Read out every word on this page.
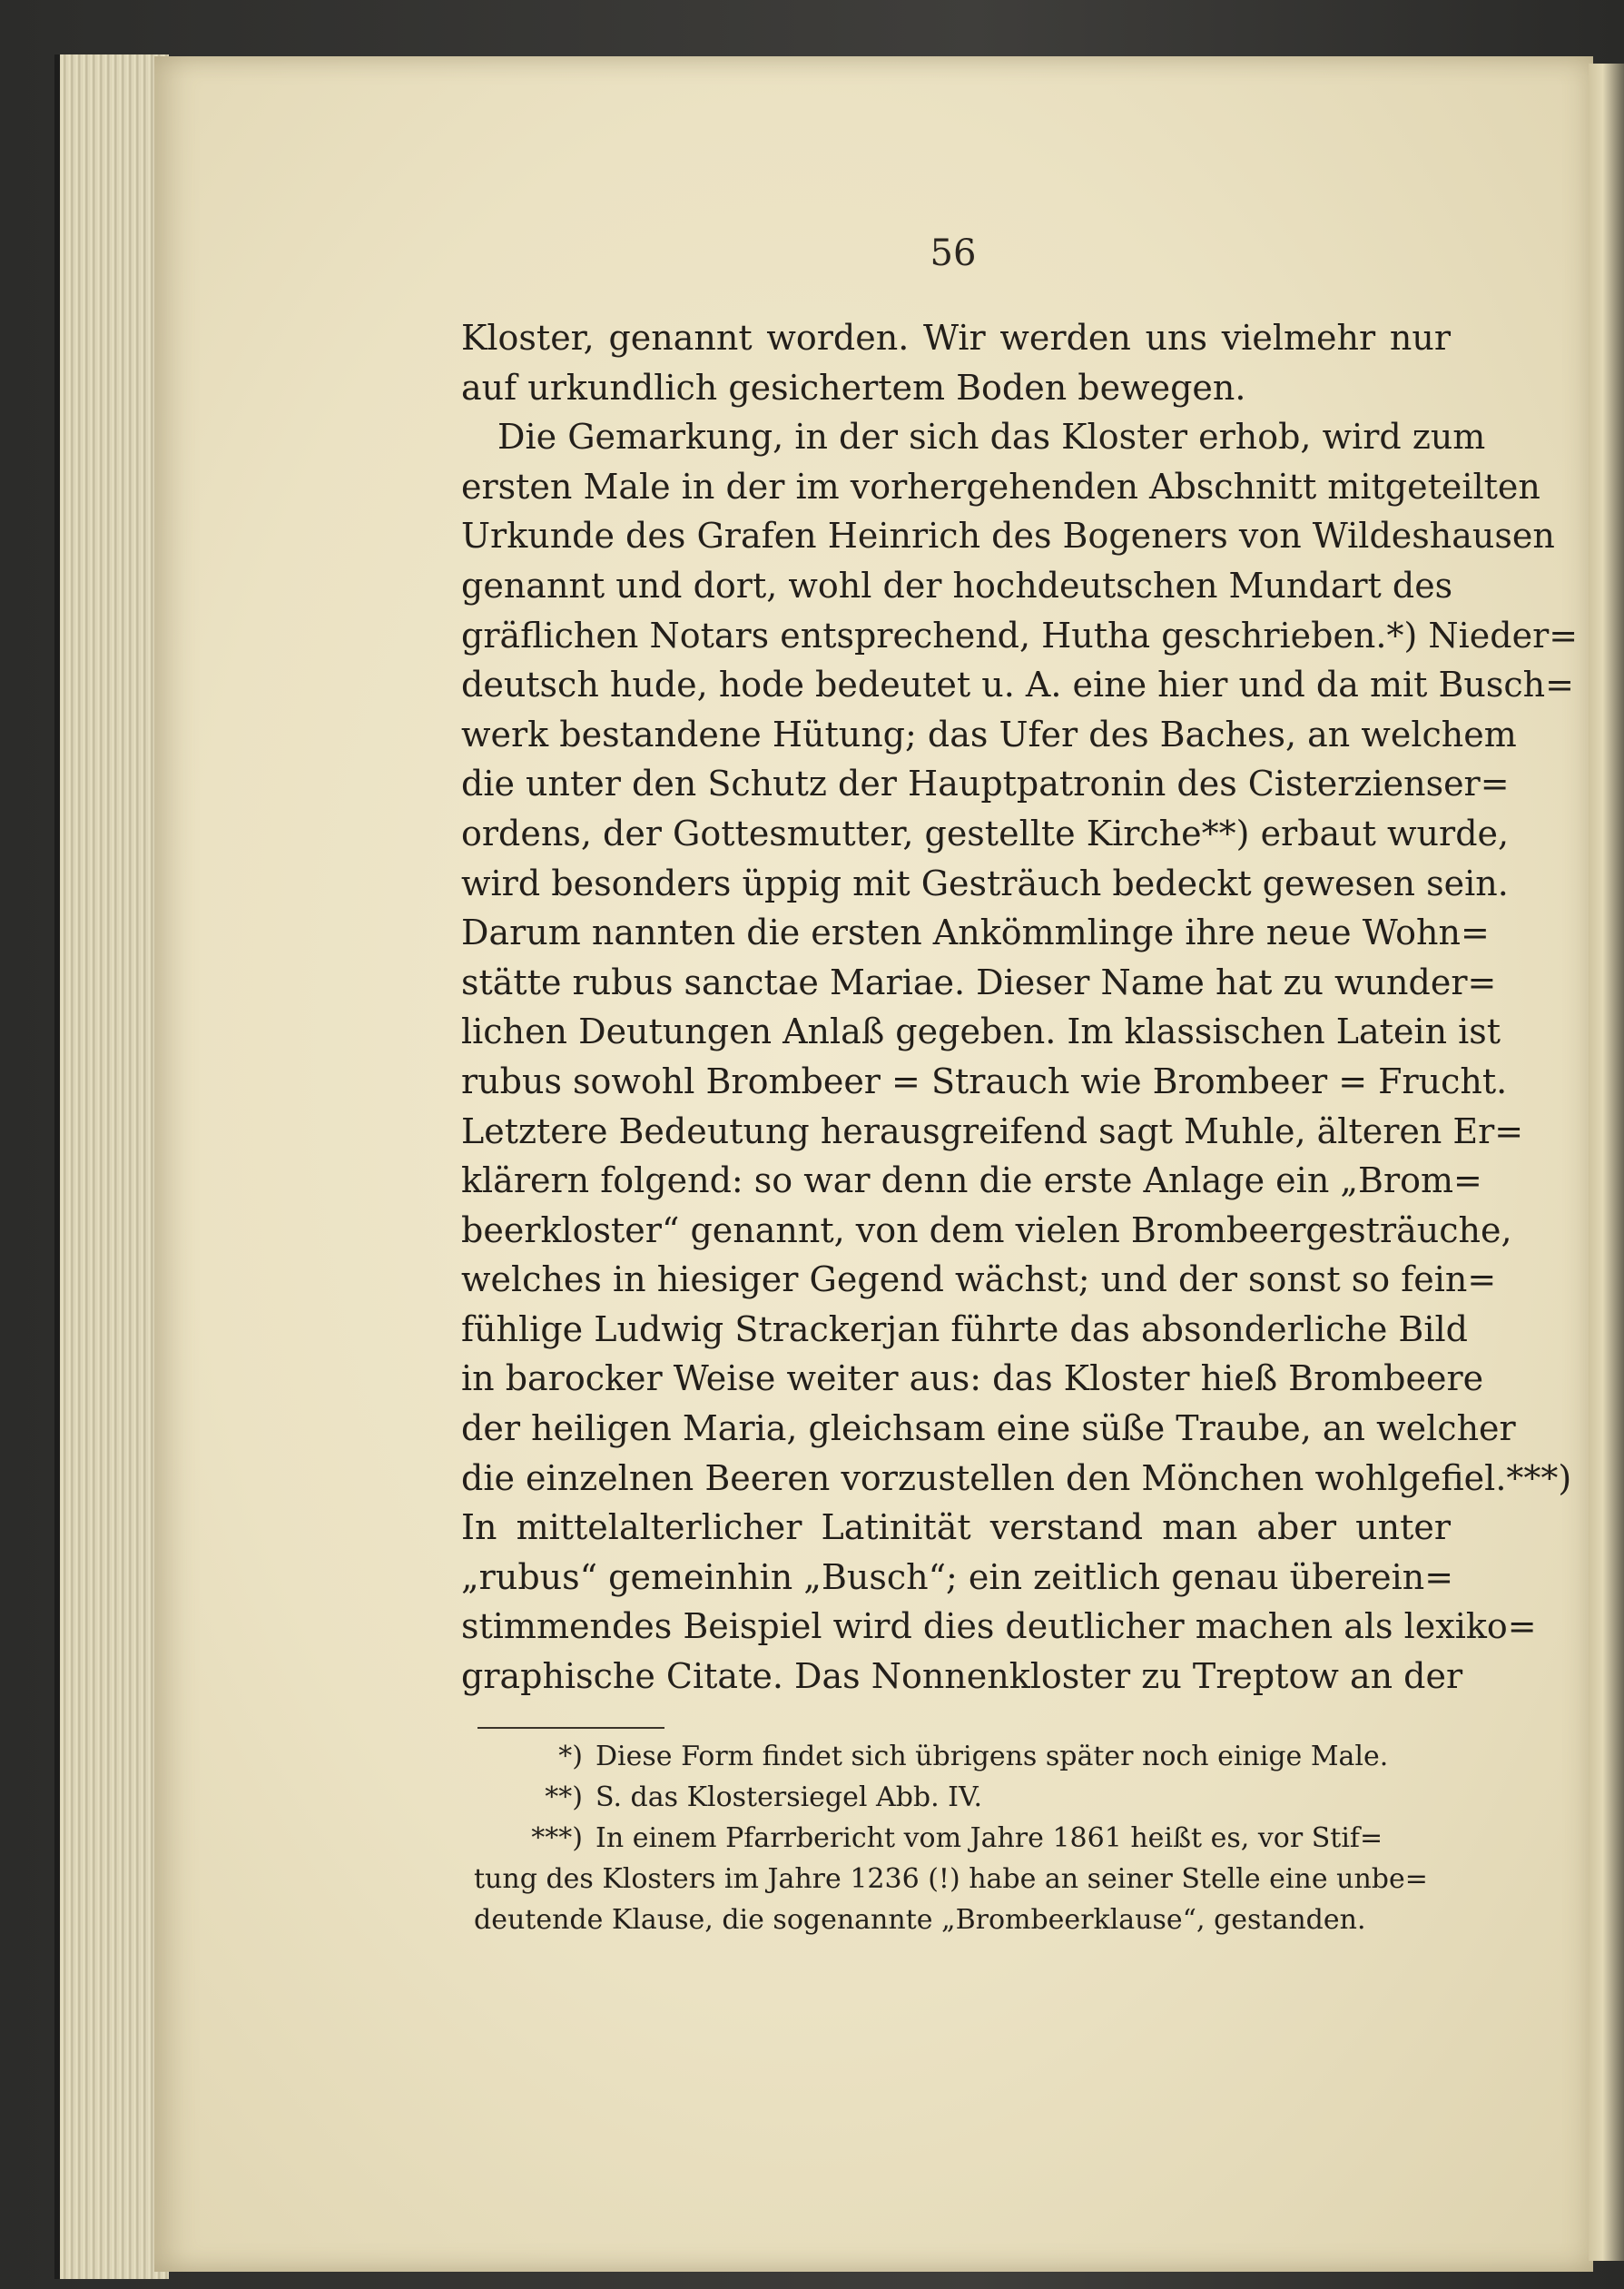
56
Kloster, genannt worden. Wir werden uns vielmehr nur
auf urkundlich gesichertem Boden bewegen.
Die Gemarkung, in der sich das Kloster erhob, wird zum
ersten Male in der im vorhergehenden Abschnitt mitgeteilten
Urkunde des Grafen Heinrich des Bogeners von Wildeshausen
genannt und dort, wohl der hochdeutschen Mundart des
gräflichen Notars entsprechend, Hutha geschrieben.*) Nieder=
deutsch hude, hode bedeutet u. A. eine hier und da mit Busch=
werk bestandene Hütung; das Ufer des Baches, an welchem
die unter den Schutz der Hauptpatronin des Cisterzienser=
ordens, der Gottesmutter, gestellte Kirche**) erbaut wurde,
wird besonders üppig mit Gesträuch bedeckt gewesen sein.
Darum nannten die ersten Ankömmlinge ihre neue Wohn=
stätte rubus sanctae Mariae. Dieser Name hat zu wunder=
lichen Deutungen Anlaß gegeben. Im klassischen Latein ist
rubus sowohl Brombeer = Strauch wie Brombeer = Frucht.
Letztere Bedeutung herausgreifend sagt Muhle, älteren Er=
klärern folgend: so war denn die erste Anlage ein „Brom=
beerkloster“ genannt, von dem vielen Brombeergesträuche,
welches in hiesiger Gegend wächst; und der sonst so fein=
fühlige Ludwig Strackerjan führte das absonderliche Bild
in barocker Weise weiter aus: das Kloster hieß Brombeere
der heiligen Maria, gleichsam eine süße Traube, an welcher
die einzelnen Beeren vorzustellen den Mönchen wohlgefiel.***)
In mittelalterlicher Latinität verstand man aber unter
„rubus“ gemeinhin „Busch“; ein zeitlich genau überein=
stimmendes Beispiel wird dies deutlicher machen als lexiko=
graphische Citate. Das Nonnenkloster zu Treptow an der
*) Diese Form findet sich übrigens später noch einige Male.
**) S. das Klostersiegel Abb. IV.
***) In einem Pfarrbericht vom Jahre 1861 heißt es, vor Stif=
tung des Klosters im Jahre 1236 (!) habe an seiner Stelle eine unbe=
deutende Klause, die sogenannte „Brombeerklause“, gestanden.
